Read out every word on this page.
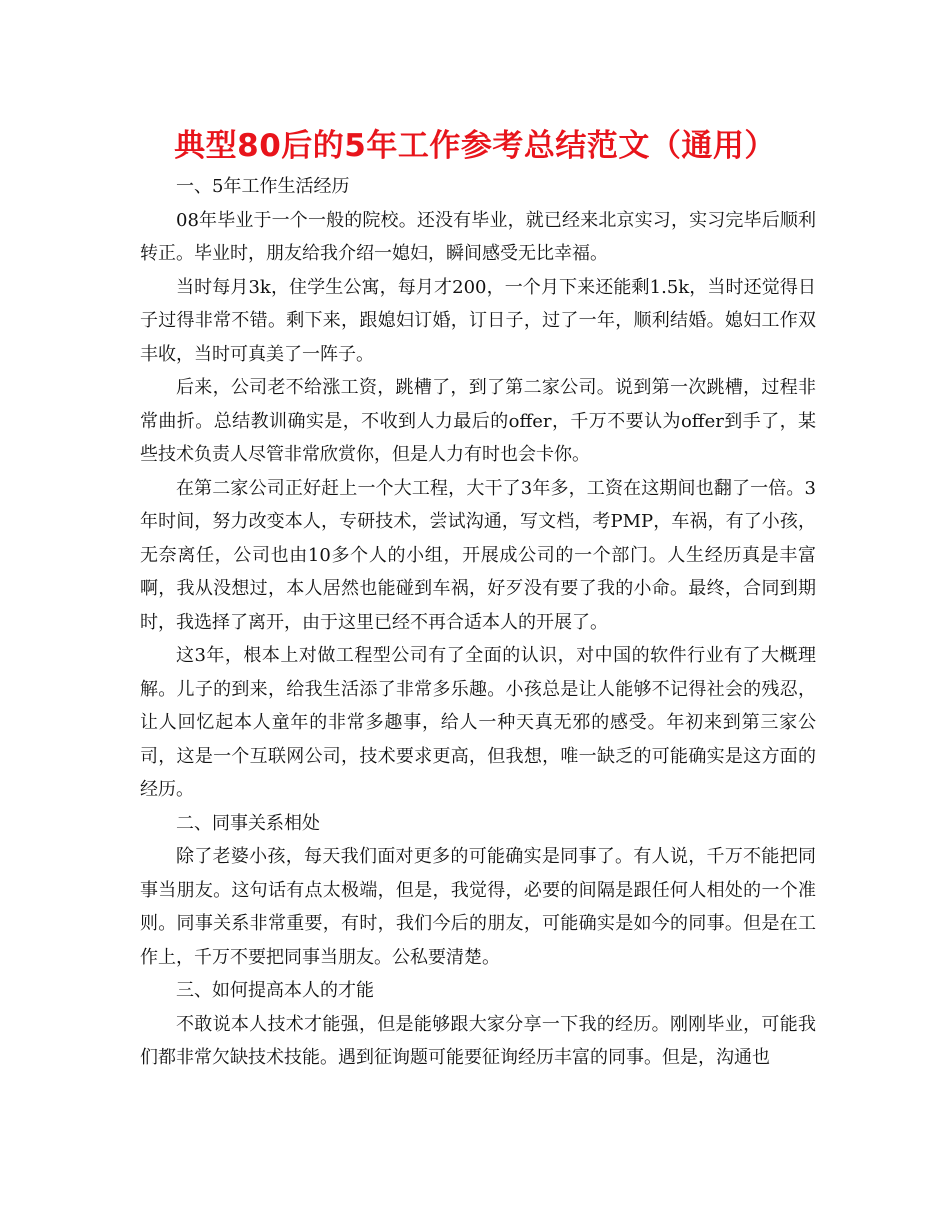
典型80后的5年工作参考总结范文（通用）

一、5年工作生活经历

08年毕业于一个一般的院校。还没有毕业，就已经来北京实习，实习完毕后顺利转正。毕业时，朋友给我介绍一媳妇，瞬间感受无比幸福。

当时每月3k，住学生公寓，每月才200，一个月下来还能剩1.5k，当时还觉得日子过得非常不错。剩下来，跟媳妇订婚，订日子，过了一年，顺利结婚。媳妇工作双丰收，当时可真美了一阵子。

后来，公司老不给涨工资，跳槽了，到了第二家公司。说到第一次跳槽，过程非常曲折。总结教训确实是，不收到人力最后的offer，千万不要认为offer到手了，某些技术负责人尽管非常欣赏你，但是人力有时也会卡你。

在第二家公司正好赶上一个大工程，大干了3年多，工资在这期间也翻了一倍。3年时间，努力改变本人，专研技术，尝试沟通，写文档，考PMP，车祸，有了小孩，无奈离任，公司也由10多个人的小组，开展成公司的一个部门。人生经历真是丰富啊，我从没想过，本人居然也能碰到车祸，好歹没有要了我的小命。最终，合同到期时，我选择了离开，由于这里已经不再合适本人的开展了。

这3年，根本上对做工程型公司有了全面的认识，对中国的软件行业有了大概理解。儿子的到来，给我生活添了非常多乐趣。小孩总是让人能够不记得社会的残忍，让人回忆起本人童年的非常多趣事，给人一种天真无邪的感受。年初来到第三家公司，这是一个互联网公司，技术要求更高，但我想，唯一缺乏的可能确实是这方面的经历。

二、同事关系相处

除了老婆小孩，每天我们面对更多的可能确实是同事了。有人说，千万不能把同事当朋友。这句话有点太极端，但是，我觉得，必要的间隔是跟任何人相处的一个准则。同事关系非常重要，有时，我们今后的朋友，可能确实是如今的同事。但是在工作上，千万不要把同事当朋友。公私要清楚。

三、如何提高本人的才能

不敢说本人技术才能强，但是能够跟大家分享一下我的经历。刚刚毕业，可能我们都非常欠缺技术技能。遇到征询题可能要征询经历丰富的同事。但是，沟通也
